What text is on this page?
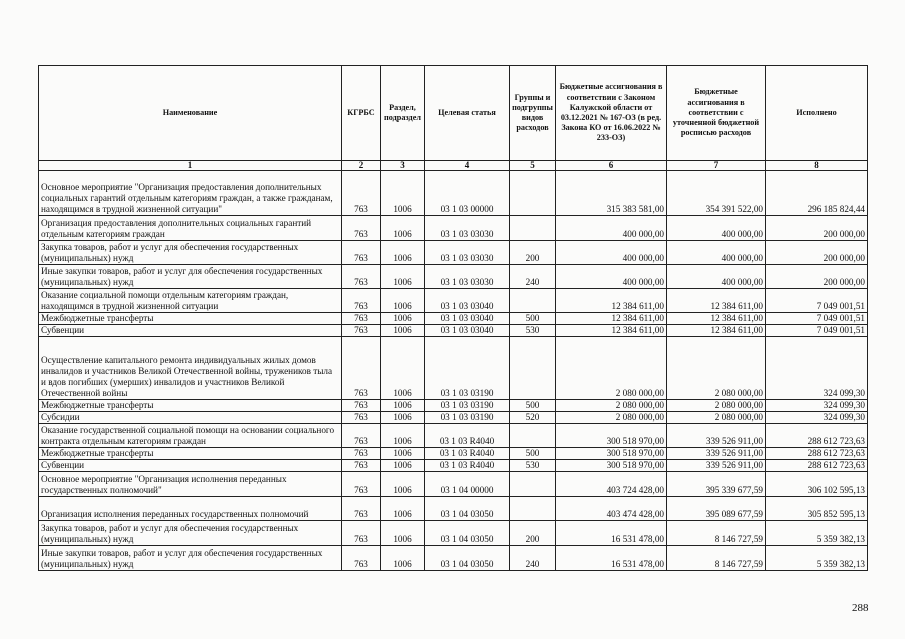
Наименование	КГРБС	Раздел, подраздел	Целевая статья	Группы и подгруппы видов расходов	Бюджетные ассигнования в соответствии с Законом Калужской области от 03.12.2021 № 167-ОЗ (в ред. Закона КО от 16.06.2022 № 233-ОЗ)	Бюджетные ассигнования в соответствии с уточненной бюджетной росписью расходов	Исполнено
1	2	3	4	5	6	7	8
Основное мероприятие "Организация предоставления дополнительных социальных гарантий отдельным категориям граждан, а также гражданам, находящимся в трудной жизненной ситуации"	763	1006	03 1 03 00000		315 383 581,00	354 391 522,00	296 185 824,44
Организация предоставления дополнительных социальных гарантий отдельным категориям граждан	763	1006	03 1 03 03030		400 000,00	400 000,00	200 000,00
Закупка товаров, работ и услуг для обеспечения государственных (муниципальных) нужд	763	1006	03 1 03 03030	200	400 000,00	400 000,00	200 000,00
Иные закупки товаров, работ и услуг для обеспечения государственных (муниципальных) нужд	763	1006	03 1 03 03030	240	400 000,00	400 000,00	200 000,00
Оказание социальной помощи отдельным категориям граждан, находящимся в трудной жизненной ситуации	763	1006	03 1 03 03040		12 384 611,00	12 384 611,00	7 049 001,51
Межбюджетные трансферты	763	1006	03 1 03 03040	500	12 384 611,00	12 384 611,00	7 049 001,51
Субвенции	763	1006	03 1 03 03040	530	12 384 611,00	12 384 611,00	7 049 001,51
Осуществление капитального ремонта индивидуальных жилых домов инвалидов и участников Великой Отечественной войны, тружеников тыла и вдов погибших (умерших) инвалидов и участников Великой Отечественной войны	763	1006	03 1 03 03190		2 080 000,00	2 080 000,00	324 099,30
Межбюджетные трансферты	763	1006	03 1 03 03190	500	2 080 000,00	2 080 000,00	324 099,30
Субсидии	763	1006	03 1 03 03190	520	2 080 000,00	2 080 000,00	324 099,30
Оказание государственной социальной помощи на основании социального контракта отдельным категориям граждан	763	1006	03 1 03 R4040		300 518 970,00	339 526 911,00	288 612 723,63
Межбюджетные трансферты	763	1006	03 1 03 R4040	500	300 518 970,00	339 526 911,00	288 612 723,63
Субвенции	763	1006	03 1 03 R4040	530	300 518 970,00	339 526 911,00	288 612 723,63
Основное мероприятие "Организация исполнения переданных государственных полномочий"	763	1006	03 1 04 00000		403 724 428,00	395 339 677,59	306 102 595,13
Организация исполнения переданных государственных полномочий	763	1006	03 1 04 03050		403 474 428,00	395 089 677,59	305 852 595,13
Закупка товаров, работ и услуг для обеспечения государственных (муниципальных) нужд	763	1006	03 1 04 03050	200	16 531 478,00	8 146 727,59	5 359 382,13
Иные закупки товаров, работ и услуг для обеспечения государственных (муниципальных) нужд	763	1006	03 1 04 03050	240	16 531 478,00	8 146 727,59	5 359 382,13
288
